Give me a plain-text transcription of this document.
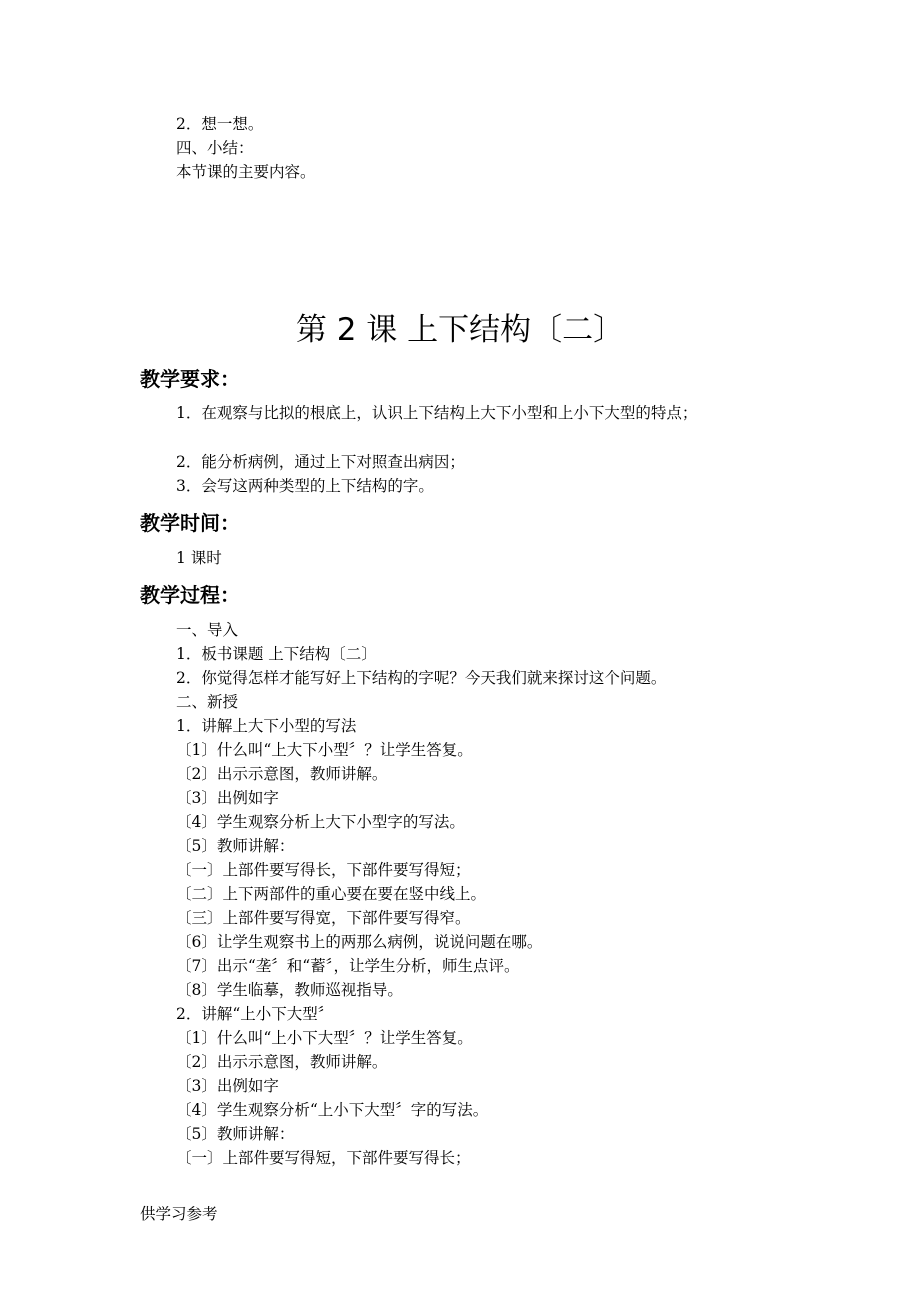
2．想一想。
四、小结：
本节课的主要内容。
第 2 课 上下结构〔二〕
教学要求：
1．在观察与比拟的根底上，认识上下结构上大下小型和上小下大型的特点；
2．能分析病例，通过上下对照查出病因；
3．会写这两种类型的上下结构的字。
教学时间：
1 课时
教学过程：
一、导入
1．板书课题 上下结构〔二〕
2．你觉得怎样才能写好上下结构的字呢？今天我们就来探讨这个问题。
二、新授
1．讲解上大下小型的写法
〔1〕什么叫“上大下小型〞？让学生答复。
〔2〕出示示意图，教师讲解。
〔3〕出例如字
〔4〕学生观察分析上大下小型字的写法。
〔5〕教师讲解：
〔一〕上部件要写得长，下部件要写得短；
〔二〕上下两部件的重心要在要在竖中线上。
〔三〕上部件要写得宽，下部件要写得窄。
〔6〕让学生观察书上的两那么病例，说说问题在哪。
〔7〕出示“垄〞和“蓄〞，让学生分析，师生点评。
〔8〕学生临摹，教师巡视指导。
2．讲解“上小下大型〞
〔1〕什么叫“上小下大型〞？让学生答复。
〔2〕出示示意图，教师讲解。
〔3〕出例如字
〔4〕学生观察分析“上小下大型〞字的写法。
〔5〕教师讲解：
〔一〕上部件要写得短，下部件要写得长；
供学习参考
